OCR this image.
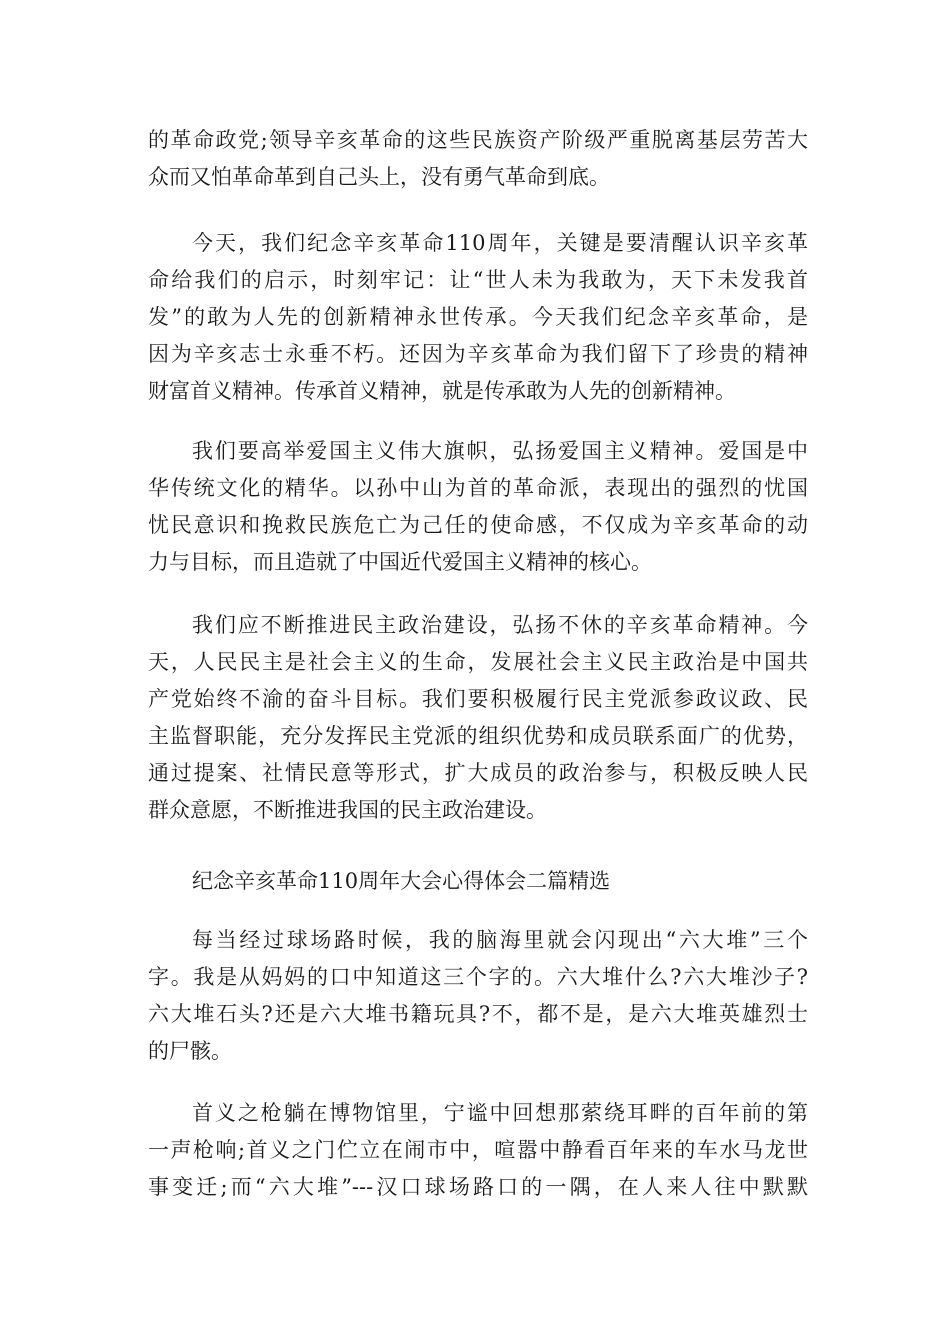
的革命政党;领导辛亥革命的这些民族资产阶级严重脱离基层劳苦大
众而又怕革命革到自己头上，没有勇气革命到底。
今天，我们纪念辛亥革命110周年，关键是要清醒认识辛亥革
命给我们的启示，时刻牢记：让“世人未为我敢为，天下未发我首
发”的敢为人先的创新精神永世传承。今天我们纪念辛亥革命，是
因为辛亥志士永垂不朽。还因为辛亥革命为我们留下了珍贵的精神
财富首义精神。传承首义精神，就是传承敢为人先的创新精神。
我们要高举爱国主义伟大旗帜，弘扬爱国主义精神。爱国是中
华传统文化的精华。以孙中山为首的革命派，表现出的强烈的忧国
忧民意识和挽救民族危亡为己任的使命感，不仅成为辛亥革命的动
力与目标，而且造就了中国近代爱国主义精神的核心。
我们应不断推进民主政治建设，弘扬不休的辛亥革命精神。今
天，人民民主是社会主义的生命，发展社会主义民主政治是中国共
产党始终不渝的奋斗目标。我们要积极履行民主党派参政议政、民
主监督职能，充分发挥民主党派的组织优势和成员联系面广的优势，
通过提案、社情民意等形式，扩大成员的政治参与，积极反映人民
群众意愿，不断推进我国的民主政治建设。
纪念辛亥革命110周年大会心得体会二篇精选
每当经过球场路时候，我的脑海里就会闪现出“六大堆”三个
字。我是从妈妈的口中知道这三个字的。六大堆什么?六大堆沙子?
六大堆石头?还是六大堆书籍玩具?不，都不是，是六大堆英雄烈士
的尸骸。
首义之枪躺在博物馆里，宁谧中回想那萦绕耳畔的百年前的第
一声枪响;首义之门伫立在闹市中，喧嚣中静看百年来的车水马龙世
事变迁;而“六大堆”---汉口球场路口的一隅，在人来人往中默默
